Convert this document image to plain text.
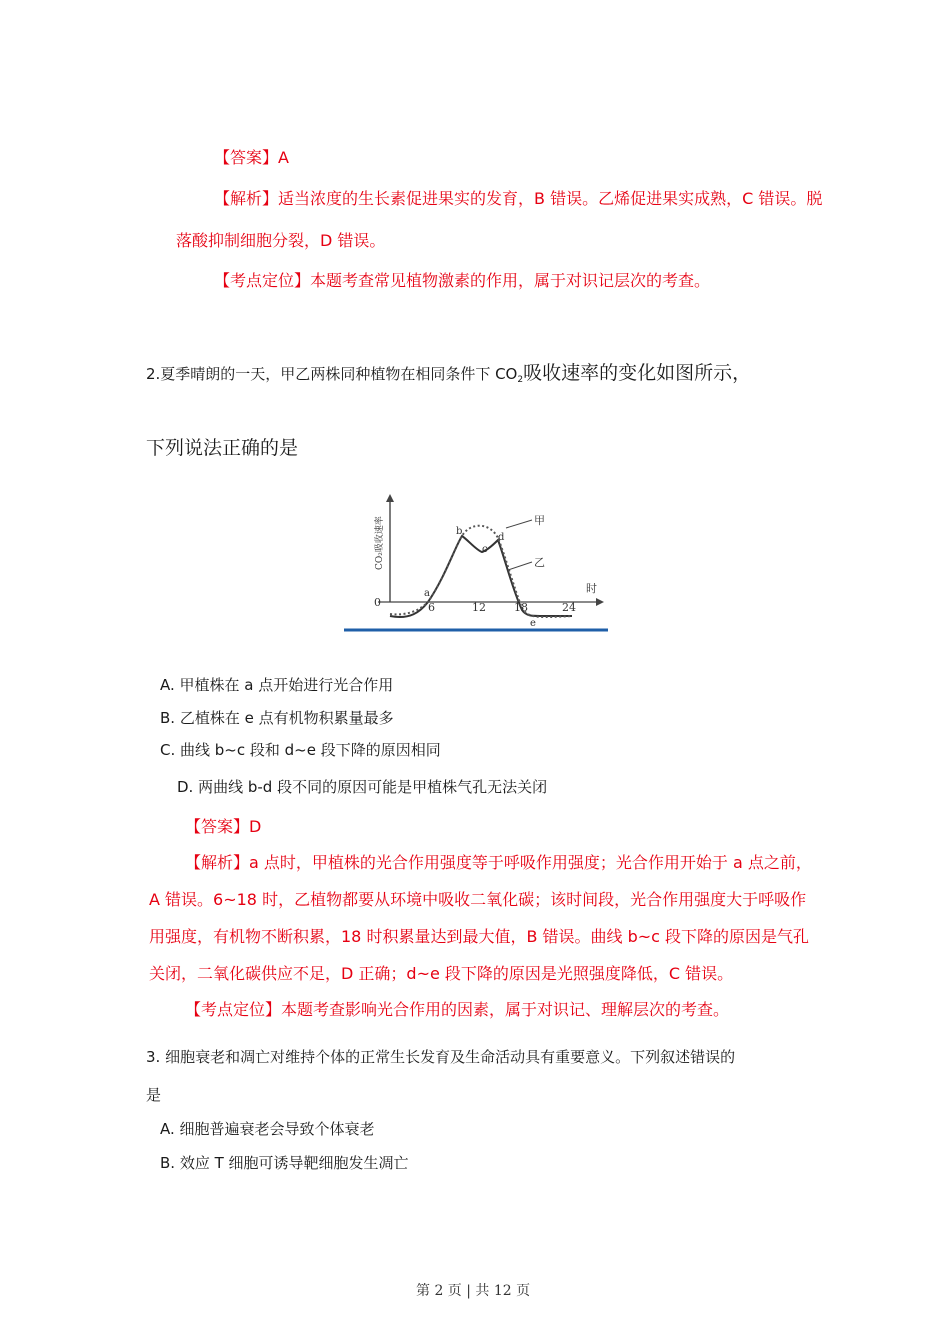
【答案】A
【解析】适当浓度的生长素促进果实的发育，B 错误。乙烯促进果实成熟，C 错误。脱
落酸抑制细胞分裂，D 错误。
【考点定位】本题考查常见植物激素的作用，属于对识记层次的考查。
2.夏季晴朗的一天，甲乙两株同种植物在相同条件下 $CO_2$吸收速率的变化如图所示，
下列说法正确的是
0	6	12	18	24
时
a
b
c
d
e
甲
乙
CO₂吸收速率
A. 甲植株在 a 点开始进行光合作用
B. 乙植株在 e 点有机物积累量最多
C. 曲线 b~c 段和 d~e 段下降的原因相同
D. 两曲线 b-d 段不同的原因可能是甲植株气孔无法关闭
【答案】D
【解析】a 点时，甲植株的光合作用强度等于呼吸作用强度；光合作用开始于 a 点之前，
A 错误。6~18 时，乙植物都要从环境中吸收二氧化碳；该时间段，光合作用强度大于呼吸作
用强度，有机物不断积累，18 时积累量达到最大值，B 错误。曲线 b~c 段下降的原因是气孔
关闭，二氧化碳供应不足，D 正确；d~e 段下降的原因是光照强度降低，C 错误。
【考点定位】本题考查影响光合作用的因素，属于对识记、理解层次的考查。
3. 细胞衰老和凋亡对维持个体的正常生长发育及生命活动具有重要意义。下列叙述错误的
是
A. 细胞普遍衰老会导致个体衰老
B. 效应 T 细胞可诱导靶细胞发生凋亡
第 2 页 | 共 12 页
